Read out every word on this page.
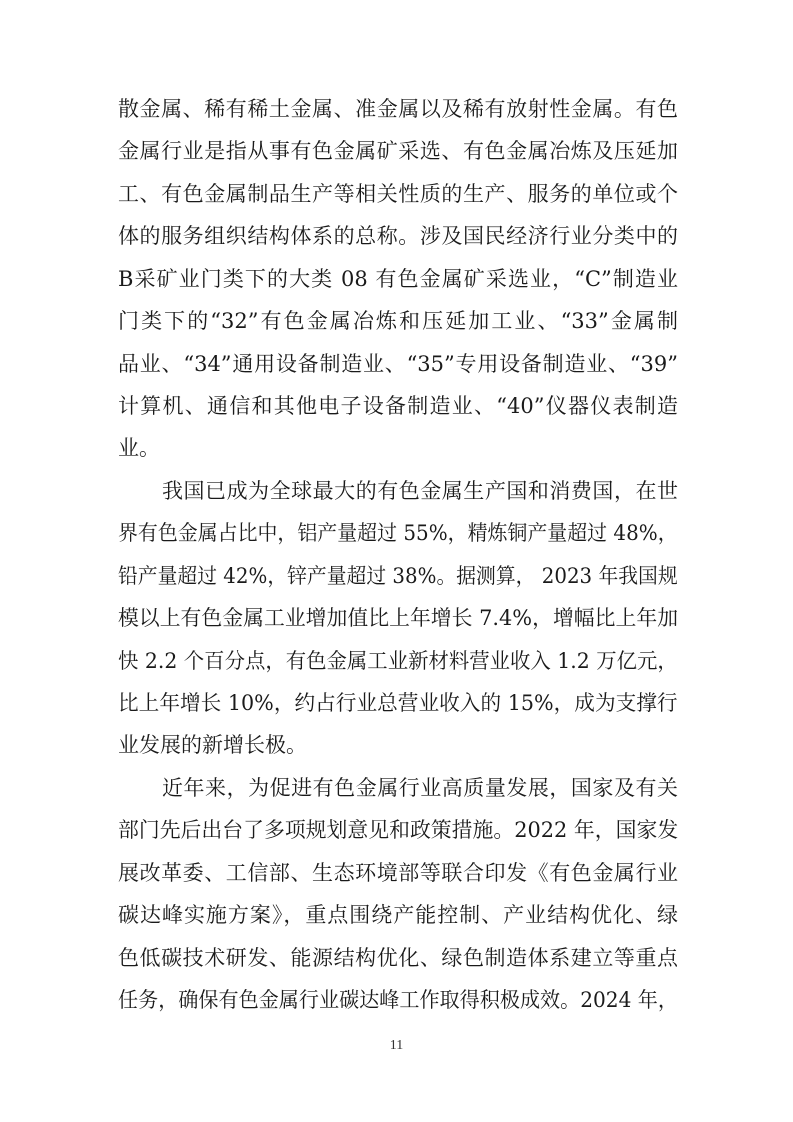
散金属、稀有稀土金属、准金属以及稀有放射性金属。有色
金属行业是指从事有色金属矿采选、有色金属冶炼及压延加
工、有色金属制品生产等相关性质的生产、服务的单位或个
体的服务组织结构体系的总称。涉及国民经济行业分类中的
B采矿业门类下的大类 08 有色金属矿采选业，“C”制造业
门类下的“32”有色金属冶炼和压延加工业、“33”金属制
品业、“34”通用设备制造业、“35”专用设备制造业、“39”
计算机、通信和其他电子设备制造业、“40”仪器仪表制造
业。
我国已成为全球最大的有色金属生产国和消费国，在世
界有色金属占比中，铝产量超过 55%，精炼铜产量超过 48%，
铅产量超过 42%，锌产量超过 38%。据测算， 2023 年我国规
模以上有色金属工业增加值比上年增长 7.4%，增幅比上年加
快 2.2 个百分点，有色金属工业新材料营业收入 1.2 万亿元，
比上年增长 10%，约占行业总营业收入的 15%，成为支撑行
业发展的新增长极。
近年来，为促进有色金属行业高质量发展，国家及有关
部门先后出台了多项规划意见和政策措施。2022 年，国家发
展改革委、工信部、生态环境部等联合印发《有色金属行业
碳达峰实施方案》，重点围绕产能控制、产业结构优化、绿
色低碳技术研发、能源结构优化、绿色制造体系建立等重点
任务，确保有色金属行业碳达峰工作取得积极成效。2024 年，
11
